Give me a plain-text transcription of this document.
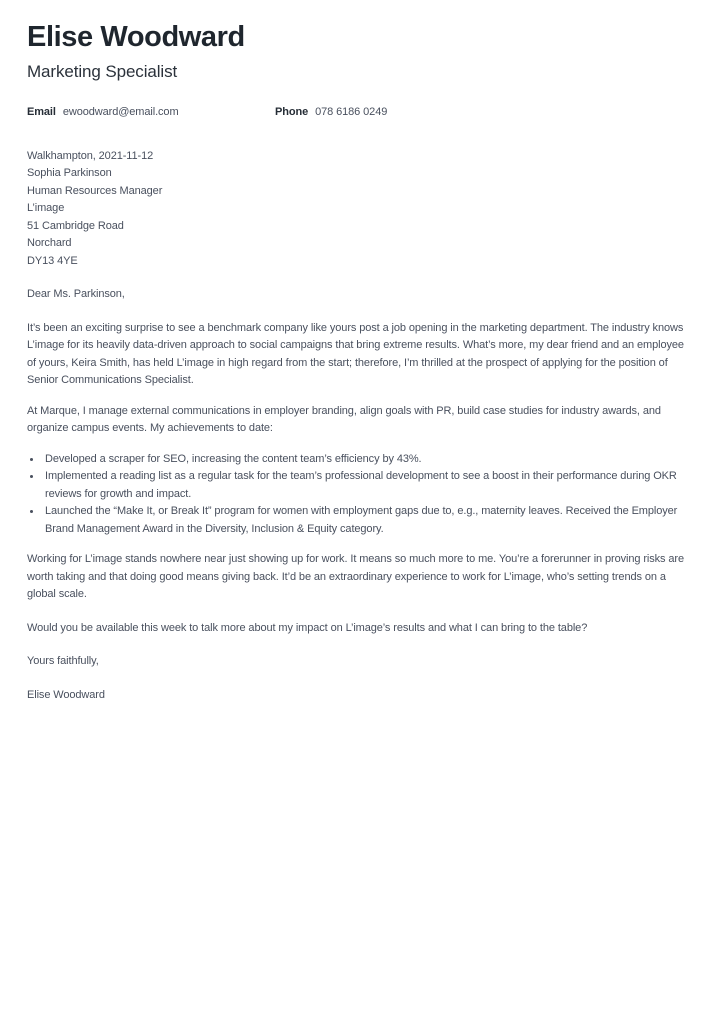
Elise Woodward

Marketing Specialist

Email ewoodward@email.com	Phone 078 6186 0249

Walkhampton, 2021-11-12

Sophia Parkinson

Human Resources Manager

L’image

51 Cambridge Road

Norchard

DY13 4YE

Dear Ms. Parkinson,

It’s been an exciting surprise to see a benchmark company like yours post a job opening in the marketing department. The industry knows L’image for its heavily data-driven approach to social campaigns that bring extreme results. What’s more, my dear friend and an employee of yours, Keira Smith, has held L’image in high regard from the start; therefore, I’m thrilled at the prospect of applying for the position of Senior Communications Specialist.

At Marque, I manage external communications in employer branding, align goals with PR, build case studies for industry awards, and organize campus events. My achievements to date:

• Developed a scraper for SEO, increasing the content team’s efficiency by 43%.
• Implemented a reading list as a regular task for the team’s professional development to see a boost in their performance during OKR reviews for growth and impact.
• Launched the “Make It, or Break It” program for women with employment gaps due to, e.g., maternity leaves. Received the Employer Brand Management Award in the Diversity, Inclusion & Equity category.

Working for L’image stands nowhere near just showing up for work. It means so much more to me. You’re a forerunner in proving risks are worth taking and that doing good means giving back. It’d be an extraordinary experience to work for L’image, who’s setting trends on a global scale.

Would you be available this week to talk more about my impact on L’image’s results and what I can bring to the table?

Yours faithfully,

Elise Woodward
